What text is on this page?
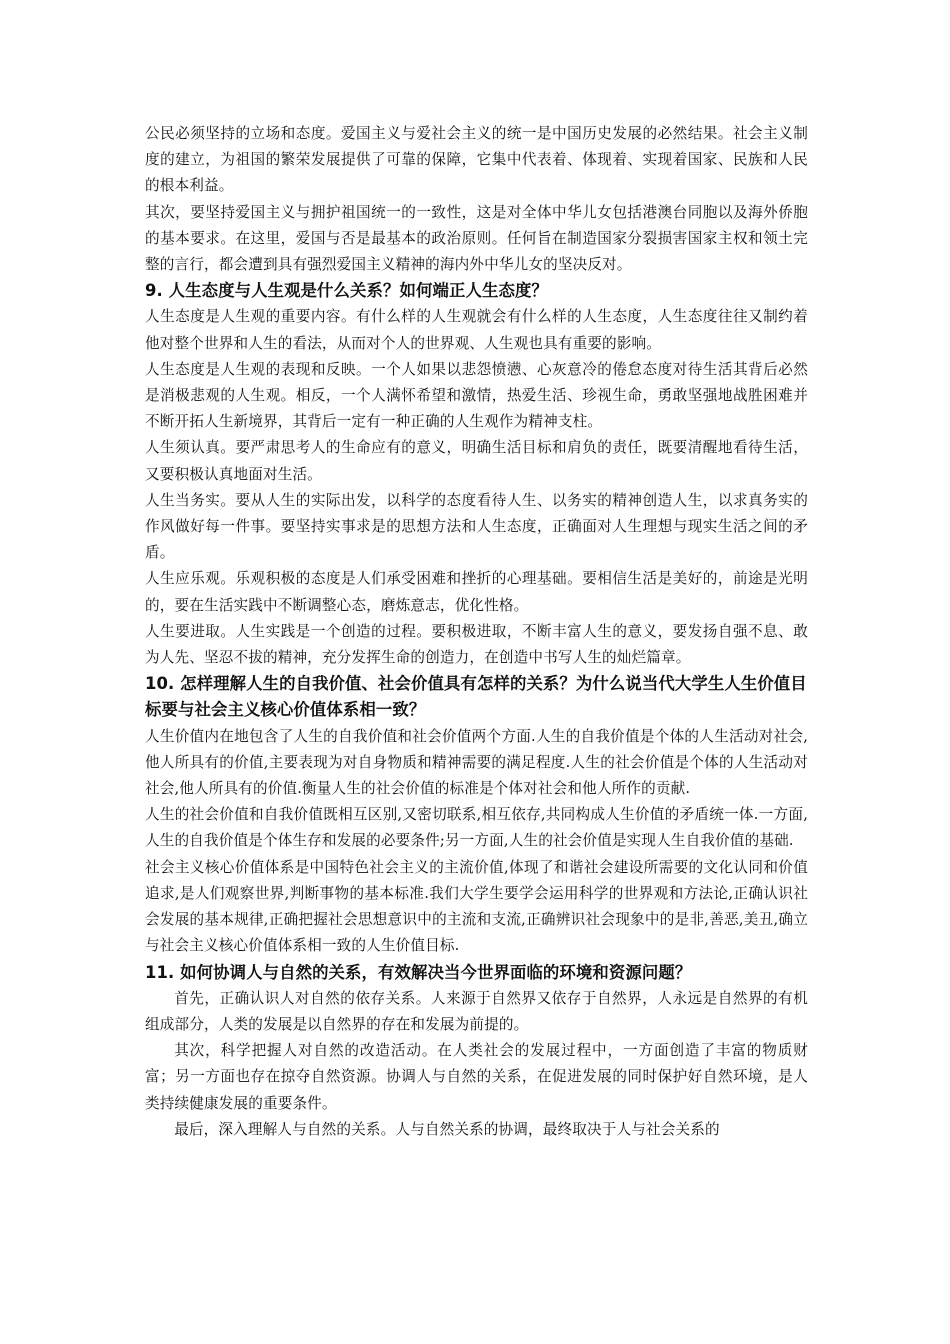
公民必须坚持的立场和态度。爱国主义与爱社会主义的统一是中国历史发展的必然结果。社会主义制度的建立，为祖国的繁荣发展提供了可靠的保障，它集中代表着、体现着、实现着国家、民族和人民的根本利益。

其次，要坚持爱国主义与拥护祖国统一的一致性，这是对全体中华儿女包括港澳台同胞以及海外侨胞的基本要求。在这里，爱国与否是最基本的政治原则。任何旨在制造国家分裂损害国家主权和领土完整的言行，都会遭到具有强烈爱国主义精神的海内外中华儿女的坚决反对。

9. 人生态度与人生观是什么关系？如何端正人生态度？

人生态度是人生观的重要内容。有什么样的人生观就会有什么样的人生态度，人生态度往往又制约着他对整个世界和人生的看法，从而对个人的世界观、人生观也具有重要的影响。

人生态度是人生观的表现和反映。一个人如果以悲怨愤懑、心灰意冷的倦怠态度对待生活其背后必然是消极悲观的人生观。相反，一个人满怀希望和激情，热爱生活、珍视生命，勇敢坚强地战胜困难并不断开拓人生新境界，其背后一定有一种正确的人生观作为精神支柱。

人生须认真。要严肃思考人的生命应有的意义，明确生活目标和肩负的责任，既要清醒地看待生活，又要积极认真地面对生活。

人生当务实。要从人生的实际出发，以科学的态度看待人生、以务实的精神创造人生，以求真务实的作风做好每一件事。要坚持实事求是的思想方法和人生态度，正确面对人生理想与现实生活之间的矛盾。

人生应乐观。乐观积极的态度是人们承受困难和挫折的心理基础。要相信生活是美好的，前途是光明的，要在生活实践中不断调整心态，磨炼意志，优化性格。

人生要进取。人生实践是一个创造的过程。要积极进取，不断丰富人生的意义，要发扬自强不息、敢为人先、坚忍不拔的精神，充分发挥生命的创造力，在创造中书写人生的灿烂篇章。

10. 怎样理解人生的自我价值、社会价值具有怎样的关系？为什么说当代大学生人生价值目标要与社会主义核心价值体系相一致？

人生价值内在地包含了人生的自我价值和社会价值两个方面.人生的自我价值是个体的人生活动对社会,他人所具有的价值,主要表现为对自身物质和精神需要的满足程度.人生的社会价值是个体的人生活动对社会,他人所具有的价值.衡量人生的社会价值的标准是个体对社会和他人所作的贡献.

人生的社会价值和自我价值既相互区别,又密切联系,相互依存,共同构成人生价值的矛盾统一体.一方面,人生的自我价值是个体生存和发展的必要条件;另一方面,人生的社会价值是实现人生自我价值的基础.

社会主义核心价值体系是中国特色社会主义的主流价值,体现了和谐社会建设所需要的文化认同和价值追求,是人们观察世界,判断事物的基本标准.我们大学生要学会运用科学的世界观和方法论,正确认识社会发展的基本规律,正确把握社会思想意识中的主流和支流,正确辨识社会现象中的是非,善恶,美丑,确立与社会主义核心价值体系相一致的人生价值目标.

11. 如何协调人与自然的关系，有效解决当今世界面临的环境和资源问题？

首先，正确认识人对自然的依存关系。人来源于自然界又依存于自然界，人永远是自然界的有机组成部分，人类的发展是以自然界的存在和发展为前提的。

其次，科学把握人对自然的改造活动。在人类社会的发展过程中，一方面创造了丰富的物质财富；另一方面也存在掠夺自然资源。协调人与自然的关系，在促进发展的同时保护好自然环境，是人类持续健康发展的重要条件。

最后，深入理解人与自然的关系。人与自然关系的协调，最终取决于人与社会关系的
